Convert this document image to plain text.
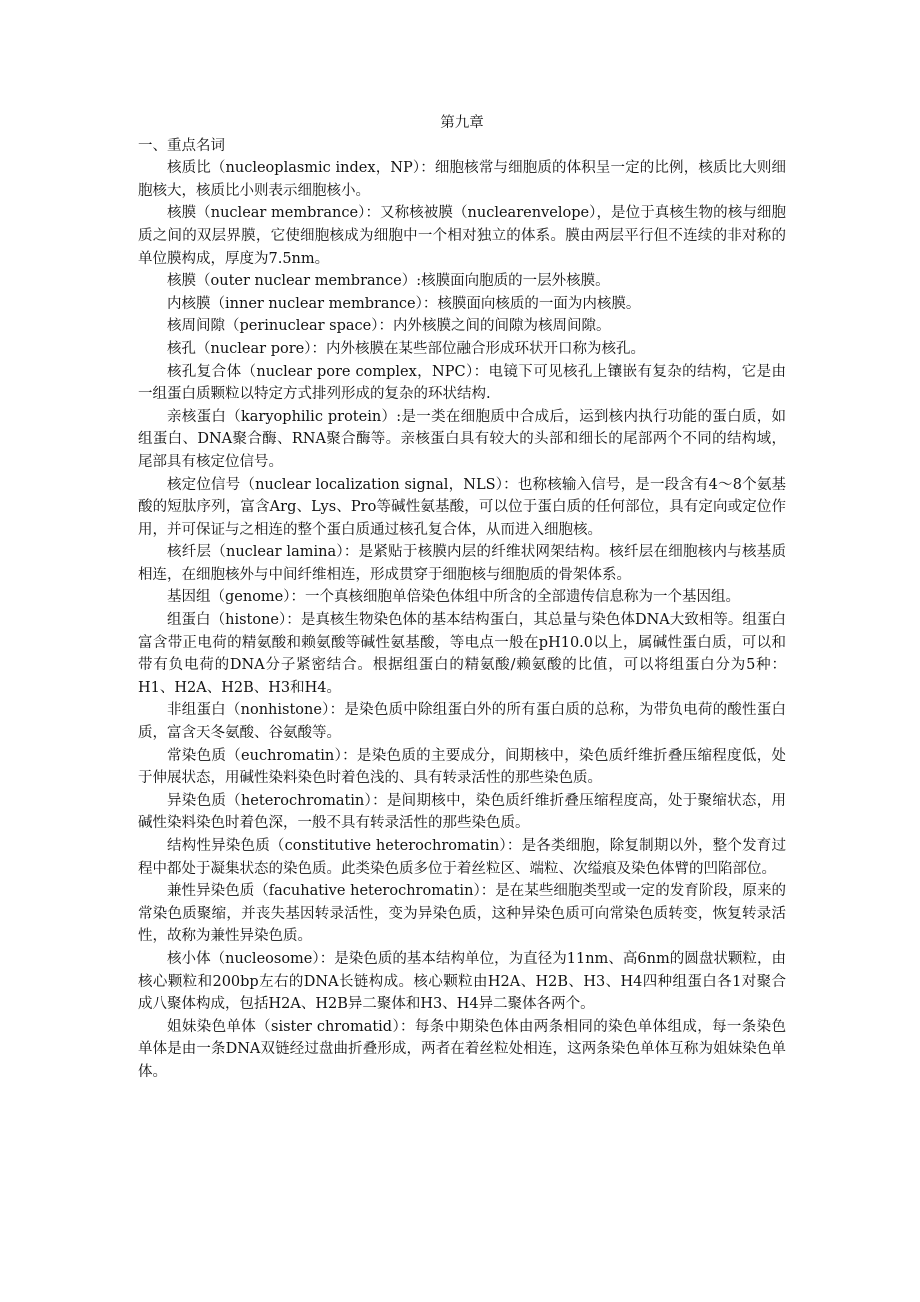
第九章

一、重点名词

核质比（nucleoplasmic index，NP）：细胞核常与细胞质的体积呈一定的比例，核质比大则细胞核大，核质比小则表示细胞核小。

核膜（nuclear membrance）：又称核被膜（nuclearenvelope），是位于真核生物的核与细胞质之间的双层界膜，它使细胞核成为细胞中一个相对独立的体系。膜由两层平行但不连续的非对称的单位膜构成，厚度为7.5nm。

核膜（outer nuclear membrance）:核膜面向胞质的一层外核膜。

内核膜（inner nuclear membrance）：核膜面向核质的一面为内核膜。

核周间隙（perinuclear space）：内外核膜之间的间隙为核周间隙。

核孔（nuclear pore）：内外核膜在某些部位融合形成环状开口称为核孔。

核孔复合体（nuclear pore complex，NPC）：电镜下可见核孔上镶嵌有复杂的结构，它是由一组蛋白质颗粒以特定方式排列形成的复杂的环状结构.

亲核蛋白（karyophilic protein）:是一类在细胞质中合成后，运到核内执行功能的蛋白质，如组蛋白、DNA聚合酶、RNA聚合酶等。亲核蛋白具有较大的头部和细长的尾部两个不同的结构域，尾部具有核定位信号。

核定位信号（nuclear localization signal，NLS）：也称核输入信号，是一段含有4～8个氨基酸的短肽序列，富含Arg、Lys、Pro等碱性氨基酸，可以位于蛋白质的任何部位，具有定向或定位作用，并可保证与之相连的整个蛋白质通过核孔复合体，从而进入细胞核。

核纤层（nuclear lamina）：是紧贴于核膜内层的纤维状网架结构。核纤层在细胞核内与核基质相连，在细胞核外与中间纤维相连，形成贯穿于细胞核与细胞质的骨架体系。

基因组（genome）：一个真核细胞单倍染色体组中所含的全部遗传信息称为一个基因组。

组蛋白（histone）：是真核生物染色体的基本结构蛋白，其总量与染色体DNA大致相等。组蛋白富含带正电荷的精氨酸和赖氨酸等碱性氨基酸，等电点一般在pH10.0以上，属碱性蛋白质，可以和带有负电荷的DNA分子紧密结合。根据组蛋白的精氨酸/赖氨酸的比值，可以将组蛋白分为5种：H1、H2A、H2B、H3和H4。

非组蛋白（nonhistone）：是染色质中除组蛋白外的所有蛋白质的总称，为带负电荷的酸性蛋白质，富含天冬氨酸、谷氨酸等。

常染色质（euchromatin）：是染色质的主要成分，间期核中，染色质纤维折叠压缩程度低，处于伸展状态，用碱性染料染色时着色浅的、具有转录活性的那些染色质。

异染色质（heterochromatin）：是间期核中，染色质纤维折叠压缩程度高，处于聚缩状态，用碱性染料染色时着色深，一般不具有转录活性的那些染色质。

结构性异染色质（constitutive heterochromatin）：是各类细胞，除复制期以外，整个发育过程中都处于凝集状态的染色质。此类染色质多位于着丝粒区、端粒、次缢痕及染色体臂的凹陷部位。

兼性异染色质（facuhative heterochromatin）：是在某些细胞类型或一定的发育阶段，原来的常染色质聚缩，并丧失基因转录活性，变为异染色质，这种异染色质可向常染色质转变，恢复转录活性，故称为兼性异染色质。

核小体（nucleosome）：是染色质的基本结构单位，为直径为11nm、高6nm的圆盘状颗粒，由核心颗粒和200bp左右的DNA长链构成。核心颗粒由H2A、H2B、H3、H4四种组蛋白各1对聚合成八聚体构成，包括H2A、H2B异二聚体和H3、H4异二聚体各两个。

姐妹染色单体（sister chromatid）：每条中期染色体由两条相同的染色单体组成，每一条染色单体是由一条DNA双链经过盘曲折叠形成，两者在着丝粒处相连，这两条染色单体互称为姐妹染色单体。
